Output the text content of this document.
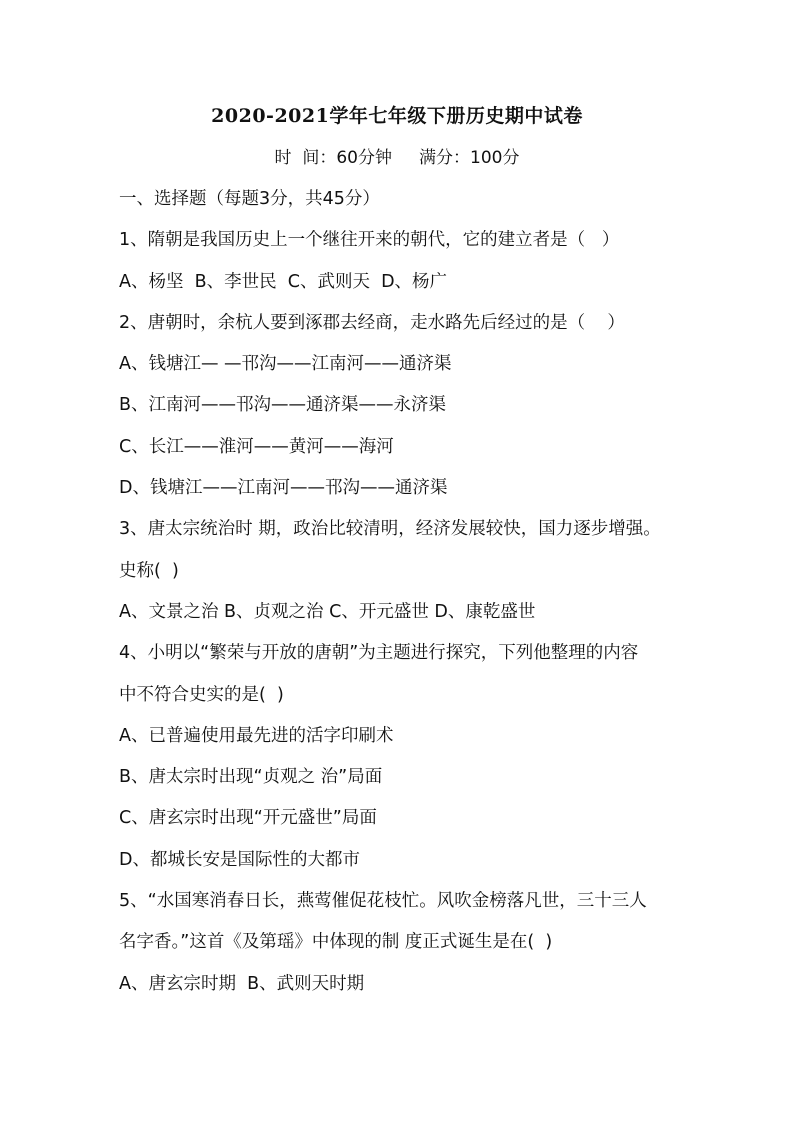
2020-2021学年七年级下册历史期中试卷
时  间：60分钟     满分：100分
一、选择题（每题3分，共45分）
1、隋朝是我国历史上一个继往开来的朝代，它的建立者是（   ）
A、杨坚  B、李世民  C、武则天  D、杨广
2、唐朝时，余杭人要到涿郡去经商，走水路先后经过的是（    ）
A、钱塘江— —邗沟——江南河——通济渠
B、江南河——邗沟——通济渠——永济渠
C、长江——淮河——黄河——海河
D、钱塘江——江南河——邗沟——通济渠
3、唐太宗统治时 期，政治比较清明，经济发展较快，国力逐步增强。
史称(  )
A、文景之治 B、贞观之治 C、开元盛世 D、康乾盛世
4、小明以“繁荣与开放的唐朝”为主题进行探究，下列他整理的内容
中不符合史实的是(  )
A、已普遍使用最先进的活字印刷术
B、唐太宗时出现“贞观之 治”局面
C、唐玄宗时出现“开元盛世”局面
D、都城长安是国际性的大都市
5、“水国寒消春日长，燕莺催促花枝忙。风吹金榜落凡世，三十三人
名字香。”这首《及第瑶》中体现的制 度正式诞生是在(  )
A、唐玄宗时期  B、武则天时期
